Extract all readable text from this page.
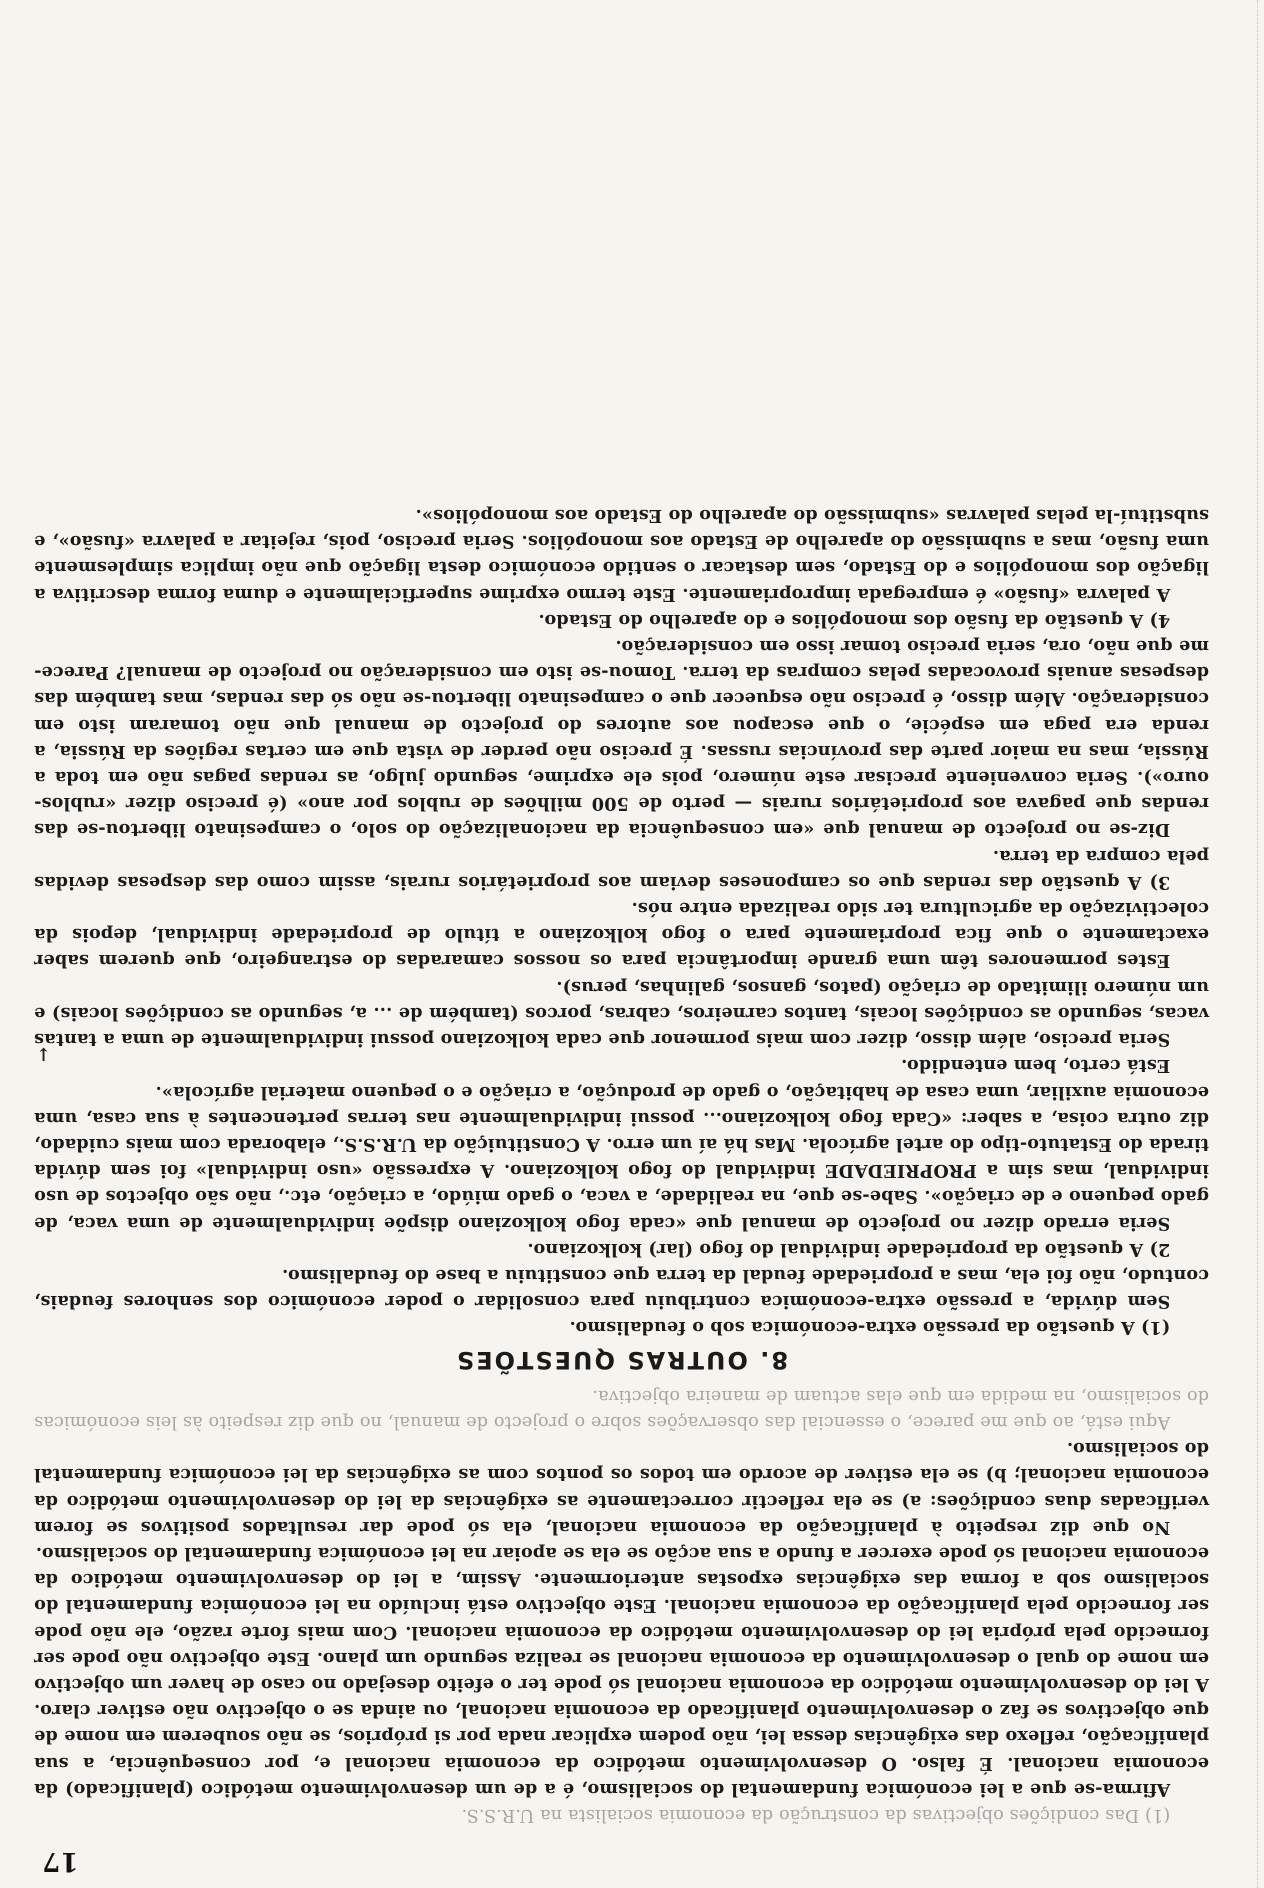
17

(1) Das condições objectivas da construção da economia socialista na U.R.S.S.

Afirma-se que a lei económica fundamental do socialismo, é a de um desenvolvimento metódico (planificado) da economia nacional. É falso. O desenvolvimento metódico da economia nacional e, por consequência, a sua planificação, reflexo das exigências dessa lei, não podem explicar nada por si próprios, se não souberem em nome de que objectivos se faz o desenvolvimento planificado da economia nacional, ou ainda se o objectivo não estiver claro. A lei do desenvolvimento metódico da economia nacional só pode ter o efeito desejado no caso de haver um objectivo em nome do qual o desenvolvimento da economia nacional se realiza segundo um plano. Este objectivo não pode ser fornecido pela própria lei do desenvolvimento metódico da economia nacional. Com mais forte razão, ele não pode ser fornecido pela planificação da economia nacional. Este objectivo está incluído na lei económica fundamental do socialismo sob a forma das exigências expostas anteriormente. Assim, a lei do desenvolvimento metódico da economia nacional só pode exercer a fundo a sua acção se ela se apoiar na lei económica fundamental do socialismo.

No que diz respeito à planificação da economia nacional, ela só pode dar resultados positivos se forem verificadas duas condições: a) se ela reflectir correctamente as exigências da lei do desenvolvimento metódico da economia nacional; b) se ela estiver de acordo em todos os pontos com as exigências da lei económica fundamental do socialismo.

Aqui está, ao que me parece, o essencial das observações sobre o projecto de manual, no que diz respeito às leis económicas do socialismo, na medida em que elas actuam de maneira objectiva.

8. OUTRAS QUESTÕES

(1) A questão da pressão extra-económica sob o feudalismo.

Sem dúvida, a pressão extra-económica contribuiu para consolidar o poder económico dos senhores feudais, contudo, não foi ela, mas a propriedade feudal da terra que constituiu a base do feudalismo.

2) A questão da propriedade individual do fogo (lar) kolkoziano.

Seria errado dizer no projecto de manual que «cada fogo kolkoziano dispõe individualmente de uma vaca, de gado pequeno e de criação». Sabe-se que, na realidade, a vaca, o gado miúdo, a criação, etc., não são objectos de uso individual, mas sim a PROPRIEDADE individual do fogo kolkoziano. A expressão «uso individual» foi sem dúvida tirada do Estatuto-tipo do artel agrícola. Mas há aí um erro. A Constituição da U.R.S.S., elaborada com mais cuidado, diz outra coisa, a saber: «Cada fogo kolkoziano... possui individualmente nas terras pertencentes à sua casa, uma economia auxiliar, uma casa de habitação, o gado de produção, a criação e o pequeno material agrícola».

Está certo, bem entendido.

Seria preciso, além disso, dizer com mais pormenor que cada kolkoziano possui individualmente de uma a tantas vacas, segundo as condições locais, tantos carneiros, cabras, porcos (também de ... a, segundo as condições locais) e um número ilimitado de criação (patos, gansos, galinhas, perus).

Estes pormenores têm uma grande importância para os nossos camaradas do estrangeiro, que querem saber exactamente o que fica propriamente para o fogo kolkoziano a título de propriedade individual, depois da colectivização da agricultura ter sido realizada entre nós.

3) A questão das rendas que os camponeses deviam aos proprietários rurais, assim como das despesas devidas pela compra da terra.

Diz-se no projecto de manual que «em consequência da nacionalização do solo, o campesinato libertou-se das rendas que pagava aos proprietários rurais — perto de 500 milhões de rublos por ano» (é preciso dizer «rublos-ouro»). Seria conveniente precisar este número, pois ele exprime, segundo julgo, as rendas pagas não em toda a Rússia, mas na maior parte das províncias russas. É preciso não perder de vista que em certas regiões da Rússia, a renda era paga em espécie, o que escapou aos autores do projecto de manual que não tomaram isto em consideração. Além disso, é preciso não esquecer que o campesinato libertou-se não só das rendas, mas também das despesas anuais provocadas pelas compras da terra. Tomou-se isto em consideração no projecto de manual? Parece-me que não, ora, seria preciso tomar isso em consideração.

4) A questão da fusão dos monopólios e do aparelho do Estado.

A palavra «fusão» é empregada impropriamente. Este termo exprime superficialmente e duma forma descritiva a ligação dos monopólios e do Estado, sem destacar o sentido económico desta ligação que não implica simplesmente uma fusão, mas a submissão do aparelho de Estado aos monopólios. Seria preciso, pois, rejeitar a palavra «fusão», e substituí-la pelas palavras «submissão do aparelho do Estado aos monopólios».

↑
